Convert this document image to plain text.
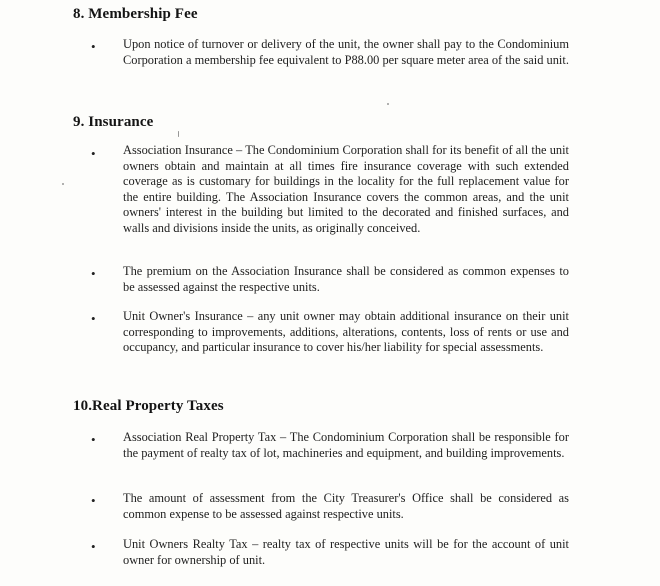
8. Membership Fee
• Upon notice of turnover or delivery of the unit, the owner shall pay to the Condominium Corporation a membership fee equivalent to P88.00 per square meter area of the said unit.
9. Insurance
• Association Insurance – The Condominium Corporation shall for its benefit of all the unit owners obtain and maintain at all times fire insurance coverage with such extended coverage as is customary for buildings in the locality for the full replacement value for the entire building. The Association Insurance covers the common areas, and the unit owners' interest in the building but limited to the decorated and finished surfaces, and walls and divisions inside the units, as originally conceived.
• The premium on the Association Insurance shall be considered as common expenses to be assessed against the respective units.
• Unit Owner's Insurance – any unit owner may obtain additional insurance on their unit corresponding to improvements, additions, alterations, contents, loss of rents or use and occupancy, and particular insurance to cover his/her liability for special assessments.
10.Real Property Taxes
• Association Real Property Tax – The Condominium Corporation shall be responsible for the payment of realty tax of lot, machineries and equipment, and building improvements.
• The amount of assessment from the City Treasurer's Office shall be considered as common expense to be assessed against respective units.
• Unit Owners Realty Tax – realty tax of respective units will be for the account of unit owner for ownership of unit.
